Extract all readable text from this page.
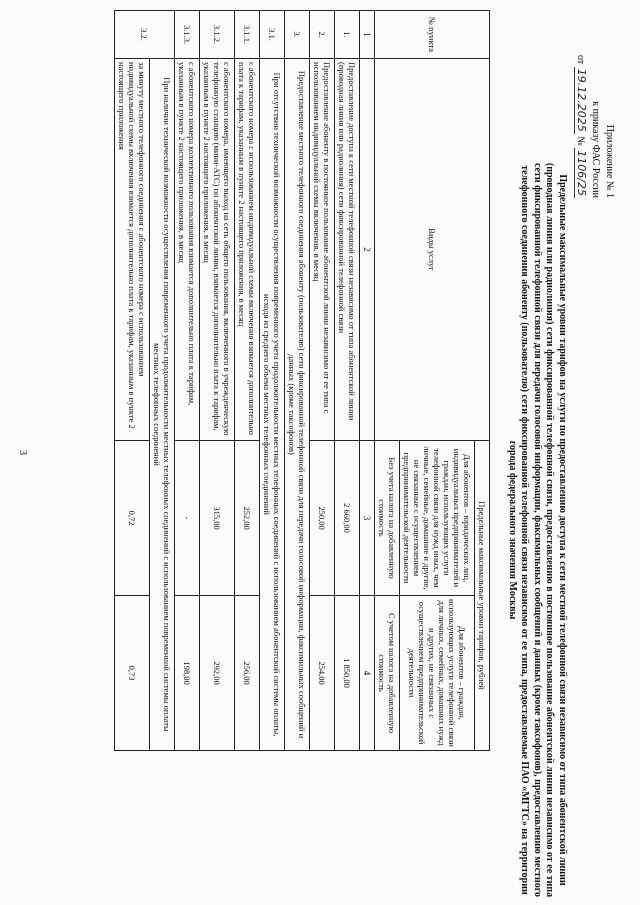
3
Приложение № 1
к приказу ФАС России
от 19.12.2025 № 1106/25
Предельные максимальные уровни тарифов на услуги по предоставлению доступа к сети местной телефонной связи независимо от типа абонентской линии (проводная линия или радиолиния) сети фиксированной телефонной связи, предоставлению в постоянное пользование абонентской линии независимо от ее типа сети фиксированной телефонной связи для передачи голосовой информации, факсимильных сообщений и данных (кроме таксофонов), предоставлению местного телефонного соединения абоненту (пользователю) сети фиксированной телефонной связи независимо от ее типа, предоставляемые ПАО «МГТС» на территории города федерального значения Москвы
№ пункта	Виды услуг	Предельные максимальные уровни тарифов, рублей	
		Для абонентов – юридических лиц, индивидуальных предпринимателей и граждан, использующих услуги телефонной связи для нужд иных, чем личные, семейные, домашние и другие, не связанные с осуществлением предпринимательской деятельности	Для абонентов – граждан, использующих услуги телефонной связи для личных, семейных, домашних нужд и других, не связанных с осуществлением предпринимательской деятельности
		Без учета налога на добавленную стоимость	С учетом налога на добавленную стоимость
1	2	3	4
1.	Предоставление доступа к сети местной телефонной связи независимо от типа абонентской линии (проводная линия или радиолиния) сети фиксированной телефонной связи	2 660,00	1 850,00
2.	Предоставление абоненту в постоянное пользование абонентской линии независимо от ее типа с использованием индивидуальной схемы включения, в месяц	250,00	254,00
3.	Предоставление местного телефонного соединения абоненту (пользователю) сети фиксированной телефонной связи для передачи голосовой информации, факсимильных сообщений и данных (кроме таксофонов)		
3.1.	При отсутствии технической возможности осуществления повременного учета продолжительности местных телефонных соединений с использованием абонентской системы оплаты, исходя из среднего объема местных телефонных соединений		
3.1.1.	с абонентского номера с использованием индивидуальной схемы включения взимается дополнительно плата к тарифам, указанным в пункте 2 настоящего приложения, в месяц	252,00	256,00
3.1.2.	с абонентского номера, имеющего выход на сеть общего пользования, включенного в учрежденческую телефонную станцию (мини-АТС) по абонентской линии, взимается дополнительно плата к тарифам, указанным в пункте 2 настоящего приложения, в месяц	315,00	292,00
3.1.3.	с абонентского номера коллективного пользования взимается дополнительно плата к тарифам, указанным в пункте 2 настоящего приложения, в месяц	-	198,00
3.2.	При наличии технической возможности осуществления повременного учета продолжительности местных телефонных соединений с использованием повременной системы оплаты местных телефонных соединений		
	за минуту местного телефонного соединения с абонентского номера с использованием индивидуальной схемы включения взимается дополнительно плата к тарифам, указанным в пункте 2 настоящего приложения	0,72	0,73
